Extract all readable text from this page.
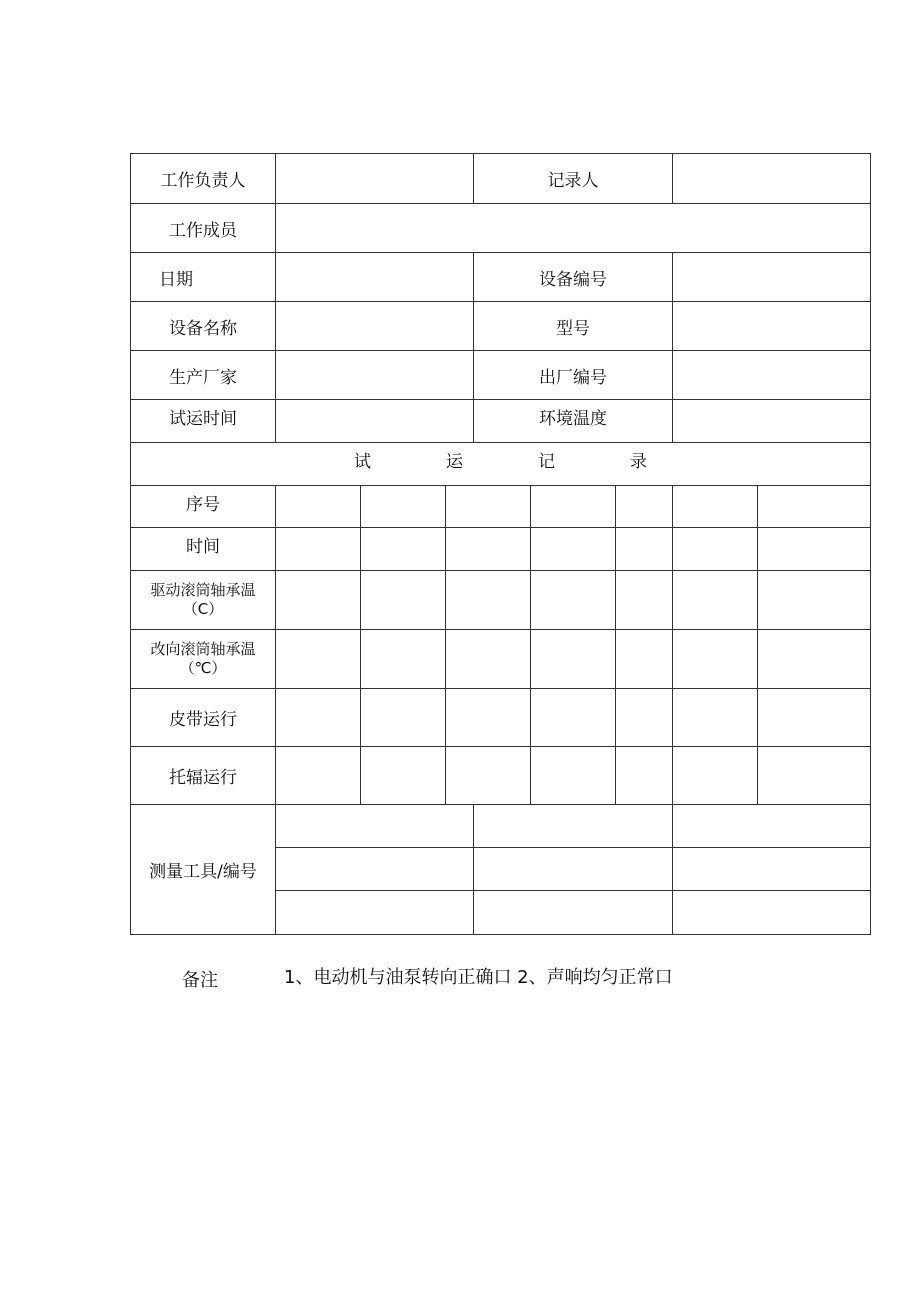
工作负责人				记录人				
工作成员								
日期				设备编号				
设备名称				型号				
生产厂家				出厂编号				
试运时间				环境温度				
试 运 记 录								
序号								
时间								

驱动滚筒轴承温
（C）								

改向滚筒轴承温
（℃）								

皮带运行								
托辐运行								
测量工具/编号								

备注	1、电动机与油泵转向正确口 2、声响均匀正常口
